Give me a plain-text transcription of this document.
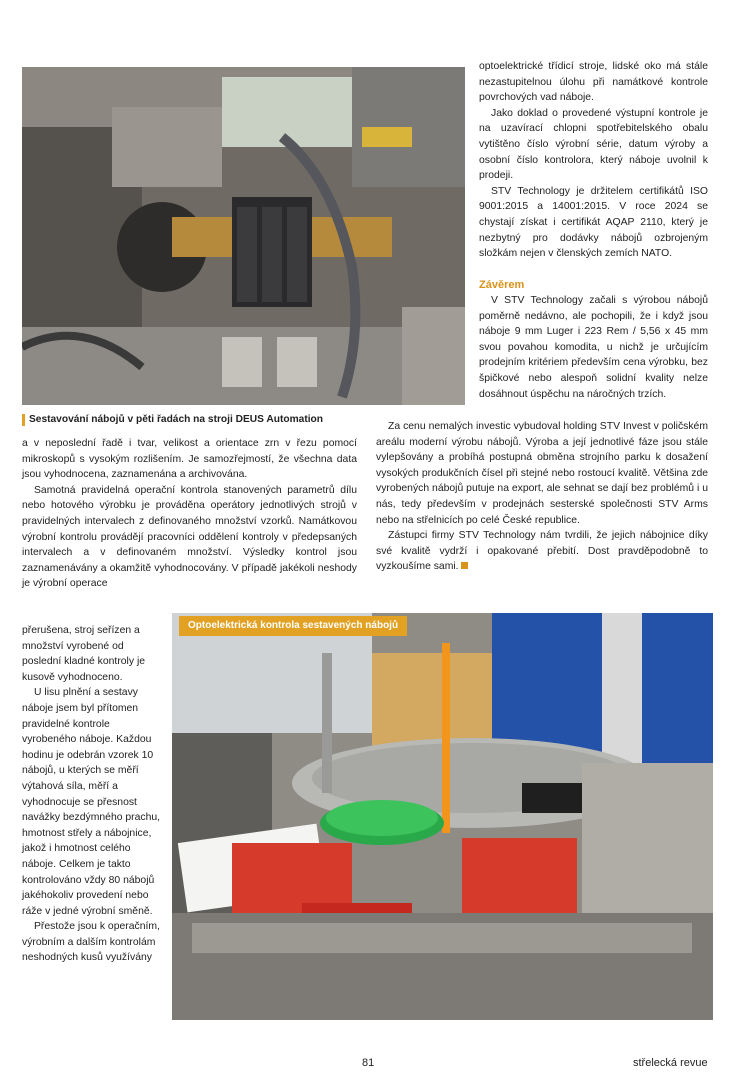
Sestavování nábojů v pěti řadách na stroji DEUS Automation

optoelektrické třídicí stroje, lidské oko má stále nezastupitelnou úlohu při namátkové kontrole povrchových vad náboje.

Jako doklad o provedené výstupní kontrole je na uzavírací chlopni spotřebitelského obalu vytištěno číslo výrobní série, datum výroby a osobní číslo kontrolora, který náboje uvolnil k prodeji.

STV Technology je držitelem certifikátů ISO 9001:2015 a 14001:2015. V roce 2024 se chystají získat i certifikát AQAP 2110, který je nezbytný pro dodávky nábojů ozbrojeným složkám nejen v členských zemích NATO.

Závěrem

V STV Technology začali s výrobou nábojů poměrně nedávno, ale pochopili, že i když jsou náboje 9 mm Luger i 223 Rem / 5,56 x 45 mm svou povahou komodita, u nichž je určujícím prodejním kritériem především cena výrobku, bez špičkové nebo alespoň solidní kvality nelze dosáhnout úspěchu na náročných trzích.

a v neposlední řadě i tvar, velikost a orientace zrn v řezu pomocí mikroskopů s vysokým rozlišením. Je samozřejmostí, že všechna data jsou vyhodnocena, zaznamenána a archivována.

Samotná pravidelná operační kontrola stanovených parametrů dílu nebo hotového výrobku je prováděna operátory jednotlivých strojů v pravidelných intervalech z definovaného množství vzorků. Namátkovou výrobní kontrolu provádějí pracovníci oddělení kontroly v předepsaných intervalech a v definovaném množství. Výsledky kontrol jsou zaznamenávány a okamžitě vyhodnocovány. V případě jakékoli neshody je výrobní operace

Za cenu nemalých investic vybudoval holding STV Invest v poličském areálu moderní výrobu nábojů. Výroba a její jednotlivé fáze jsou stále vylepšovány a probíhá postupná obměna strojního parku k dosažení vysokých produkčních čísel při stejné nebo rostoucí kvalitě. Většina zde vyrobených nábojů putuje na export, ale sehnat se dají bez problémů i u nás, tedy především v prodejnách sesterské společnosti STV Arms nebo na střelnicích po celé České republice.

Zástupci firmy STV Technology nám tvrdili, že jejich nábojnice díky své kvalitě vydrží i opakované přebití. Dost pravděpodobně to vyzkoušíme sami.

přerušena, stroj seřízen a množství vyrobené od poslední kladné kontroly je kusově vyhodnoceno.

U lisu plnění a sestavy náboje jsem byl přítomen pravidelné kontrole vyrobeného náboje. Každou hodinu je odebrán vzorek 10 nábojů, u kterých se měří výtahová síla, měří a vyhodnocuje se přesnost navážky bezdýmného prachu, hmotnost střely a nábojnice, jakož i hmotnost celého náboje. Celkem je takto kontrolováno vždy 80 nábojů jakéhokoliv provedení nebo ráže v jedné výrobní směně.

Přestože jsou k operačním, výrobním a dalším kontrolám neshodných kusů využívány

Optoelektrická kontrola sestavených nábojů
81	střelecká revue
